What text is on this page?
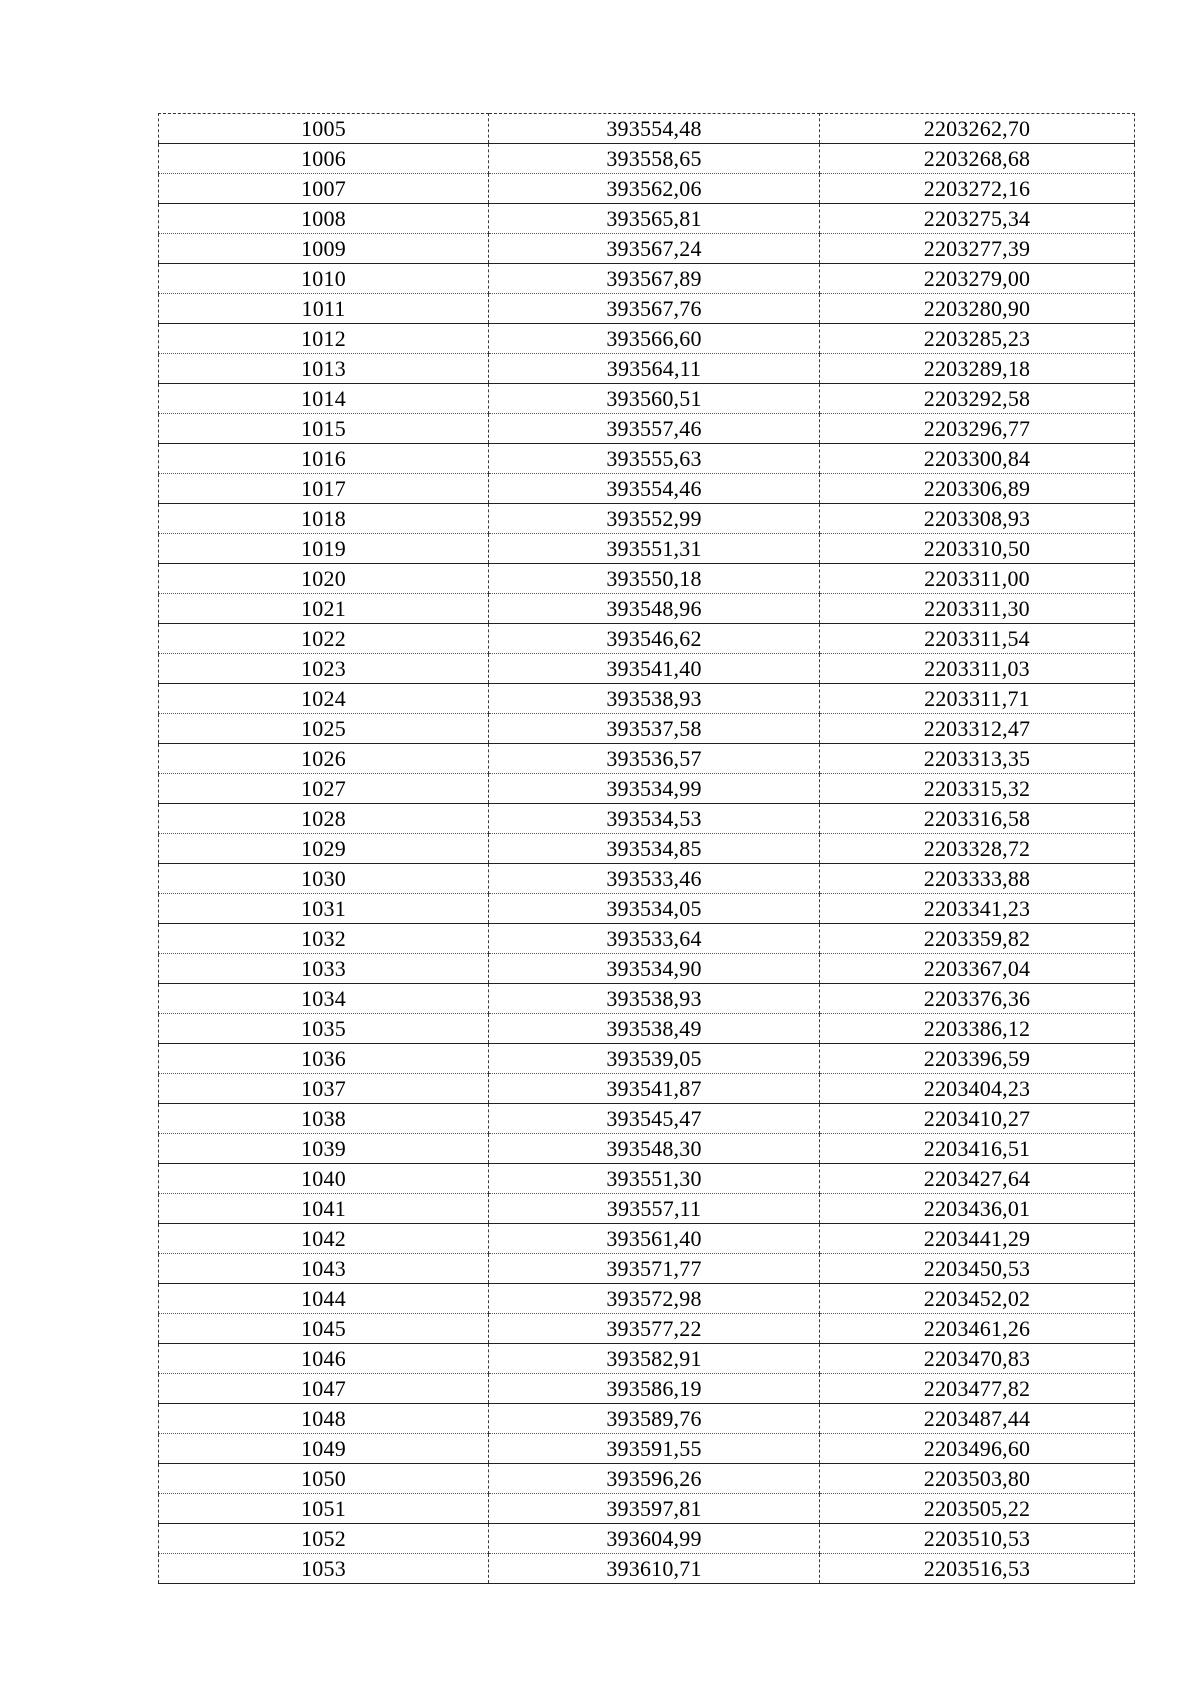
1005	393554,48	2203262,70
1006	393558,65	2203268,68
1007	393562,06	2203272,16
1008	393565,81	2203275,34
1009	393567,24	2203277,39
1010	393567,89	2203279,00
1011	393567,76	2203280,90
1012	393566,60	2203285,23
1013	393564,11	2203289,18
1014	393560,51	2203292,58
1015	393557,46	2203296,77
1016	393555,63	2203300,84
1017	393554,46	2203306,89
1018	393552,99	2203308,93
1019	393551,31	2203310,50
1020	393550,18	2203311,00
1021	393548,96	2203311,30
1022	393546,62	2203311,54
1023	393541,40	2203311,03
1024	393538,93	2203311,71
1025	393537,58	2203312,47
1026	393536,57	2203313,35
1027	393534,99	2203315,32
1028	393534,53	2203316,58
1029	393534,85	2203328,72
1030	393533,46	2203333,88
1031	393534,05	2203341,23
1032	393533,64	2203359,82
1033	393534,90	2203367,04
1034	393538,93	2203376,36
1035	393538,49	2203386,12
1036	393539,05	2203396,59
1037	393541,87	2203404,23
1038	393545,47	2203410,27
1039	393548,30	2203416,51
1040	393551,30	2203427,64
1041	393557,11	2203436,01
1042	393561,40	2203441,29
1043	393571,77	2203450,53
1044	393572,98	2203452,02
1045	393577,22	2203461,26
1046	393582,91	2203470,83
1047	393586,19	2203477,82
1048	393589,76	2203487,44
1049	393591,55	2203496,60
1050	393596,26	2203503,80
1051	393597,81	2203505,22
1052	393604,99	2203510,53
1053	393610,71	2203516,53
